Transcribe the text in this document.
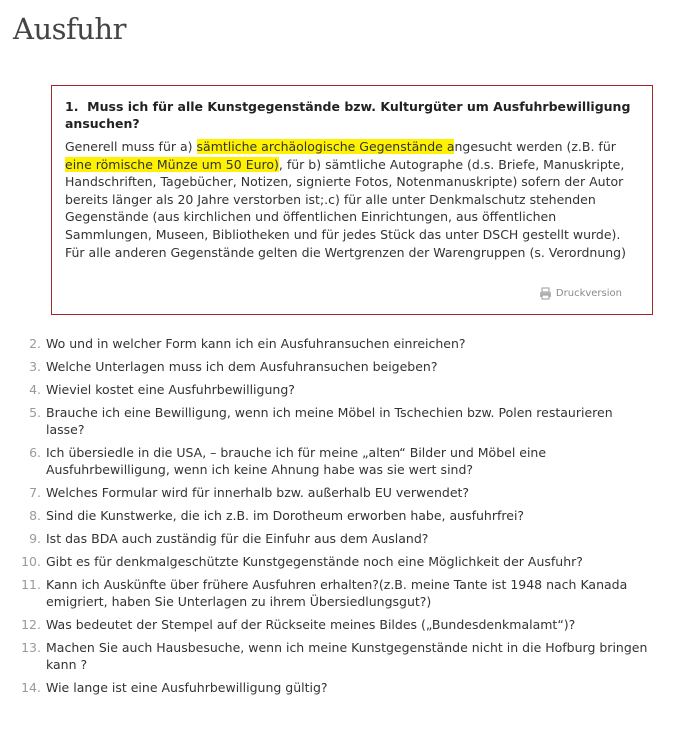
Ausfuhr

1. Muss ich für alle Kunstgegenstände bzw. Kulturgüter um Ausfuhrbewilligung ansuchen?

Generell muss für a) sämtliche archäologische Gegenstände angesucht werden (z.B. für eine römische Münze um 50 Euro), für b) sämtliche Autographe (d.s. Briefe, Manuskripte, Handschriften, Tagebücher, Notizen, signierte Fotos, Notenmanuskripte) sofern der Autor bereits länger als 20 Jahre verstorben ist;.c) für alle unter Denkmalschutz stehenden Gegenstände (aus kirchlichen und öffentlichen Einrichtungen, aus öffentlichen Sammlungen, Museen, Bibliotheken und für jedes Stück das unter DSCH gestellt wurde). Für alle anderen Gegenstände gelten die Wertgrenzen der Warengruppen (s. Verordnung)

Druckversion
2. Wo und in welcher Form kann ich ein Ausfuhransuchen einreichen?
3. Welche Unterlagen muss ich dem Ausfuhransuchen beigeben?
4. Wieviel kostet eine Ausfuhrbewilligung?
5. Brauche ich eine Bewilligung, wenn ich meine Möbel in Tschechien bzw. Polen restaurieren lasse?
6. Ich übersiedle in die USA, – brauche ich für meine „alten“ Bilder und Möbel eine Ausfuhrbewilligung, wenn ich keine Ahnung habe was sie wert sind?
7. Welches Formular wird für innerhalb bzw. außerhalb EU verwendet?
8. Sind die Kunstwerke, die ich z.B. im Dorotheum erworben habe, ausfuhrfrei?
9. Ist das BDA auch zuständig für die Einfuhr aus dem Ausland?
10. Gibt es für denkmalgeschützte Kunstgegenstände noch eine Möglichkeit der Ausfuhr?
11. Kann ich Auskünfte über frühere Ausfuhren erhalten?(z.B. meine Tante ist 1948 nach Kanada emigriert, haben Sie Unterlagen zu ihrem Übersiedlungsgut?)
12. Was bedeutet der Stempel auf der Rückseite meines Bildes („Bundesdenkmalamt“)?
13. Machen Sie auch Hausbesuche, wenn ich meine Kunstgegenstände nicht in die Hofburg bringen kann ?
14. Wie lange ist eine Ausfuhrbewilligung gültig?
